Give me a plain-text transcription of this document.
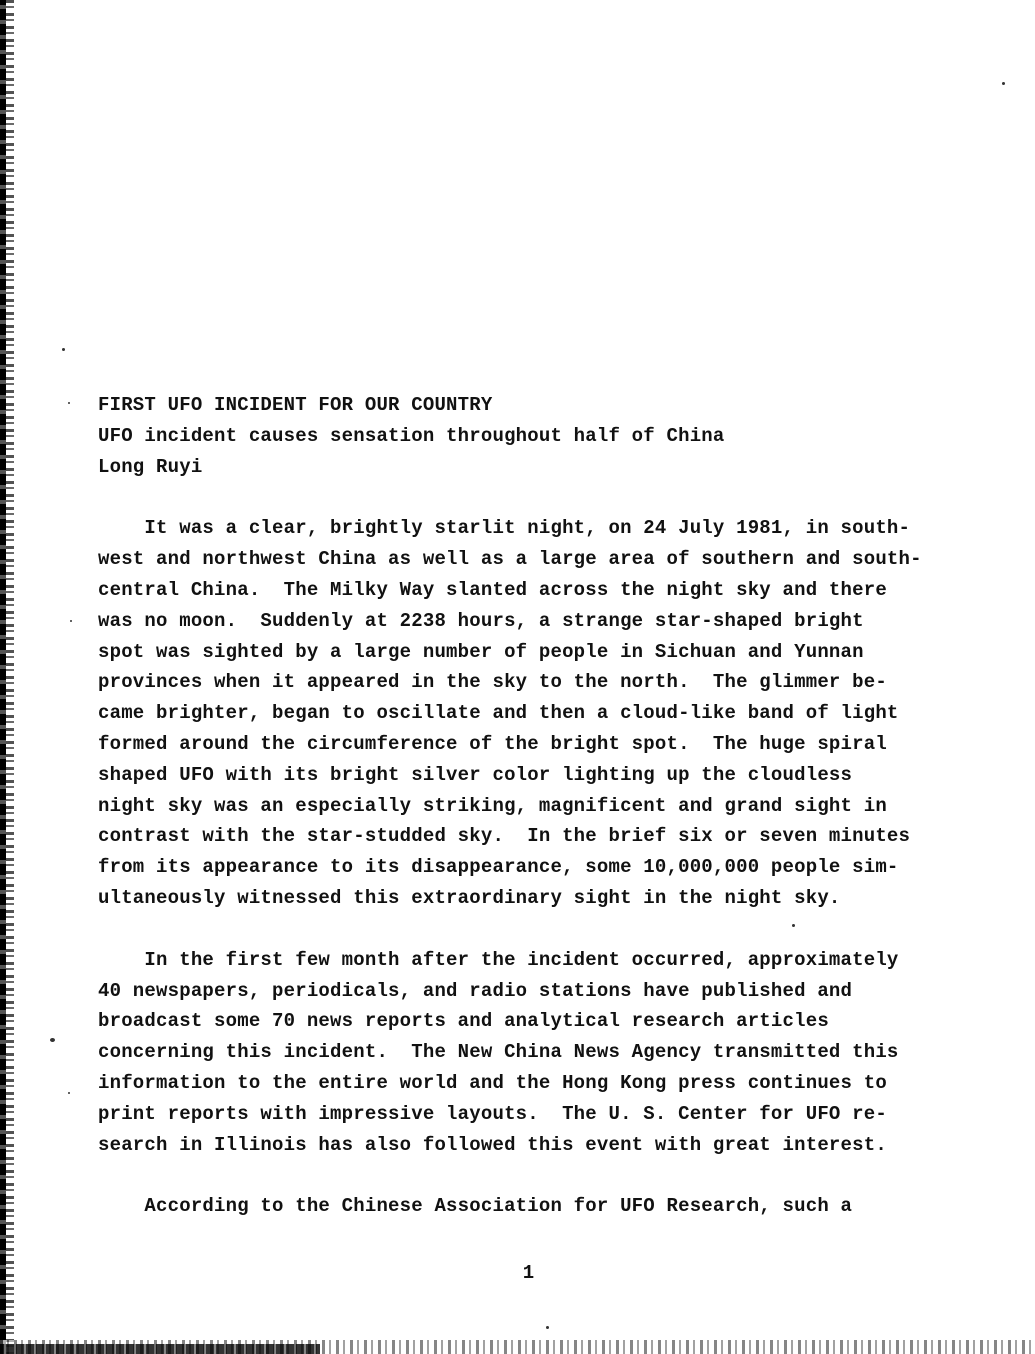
FIRST UFO INCIDENT FOR OUR COUNTRY
UFO incident causes sensation throughout half of China
Long Ruyi
It was a clear, brightly starlit night, on 24 July 1981, in south-
west and northwest China as well as a large area of southern and south-
central China.  The Milky Way slanted across the night sky and there
was no moon.  Suddenly at 2238 hours, a strange star-shaped bright
spot was sighted by a large number of people in Sichuan and Yunnan
provinces when it appeared in the sky to the north.  The glimmer be-
came brighter, began to oscillate and then a cloud-like band of light
formed around the circumference of the bright spot.  The huge spiral
shaped UFO with its bright silver color lighting up the cloudless
night sky was an especially striking, magnificent and grand sight in
contrast with the star-studded sky.  In the brief six or seven minutes
from its appearance to its disappearance, some 10,000,000 people sim-
ultaneously witnessed this extraordinary sight in the night sky.
In the first few month after the incident occurred, approximately
40 newspapers, periodicals, and radio stations have published and
broadcast some 70 news reports and analytical research articles
concerning this incident.  The New China News Agency transmitted this
information to the entire world and the Hong Kong press continues to
print reports with impressive layouts.  The U. S. Center for UFO re-
search in Illinois has also followed this event with great interest.
According to the Chinese Association for UFO Research, such a
1
